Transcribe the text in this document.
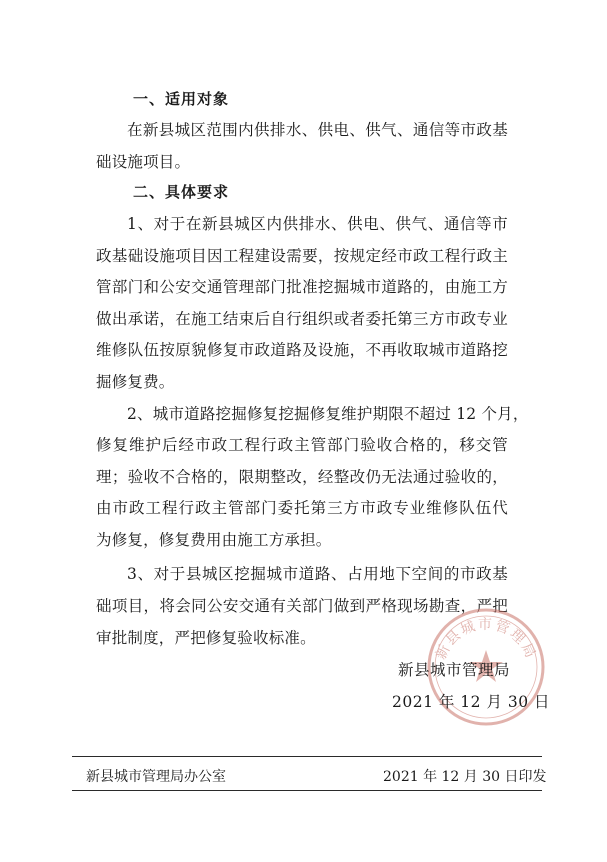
一、适用对象
在新县城区范围内供排水、供电、供气、通信等市政基
础设施项目。
二、具体要求
1、对于在新县城区内供排水、供电、供气、通信等市
政基础设施项目因工程建设需要，按规定经市政工程行政主
管部门和公安交通管理部门批准挖掘城市道路的，由施工方
做出承诺，在施工结束后自行组织或者委托第三方市政专业
维修队伍按原貌修复市政道路及设施，不再收取城市道路挖
掘修复费。
2、城市道路挖掘修复挖掘修复维护期限不超过 12 个月，
修复维护后经市政工程行政主管部门验收合格的，移交管
理；验收不合格的，限期整改，经整改仍无法通过验收的，
由市政工程行政主管部门委托第三方市政专业维修队伍代
为修复，修复费用由施工方承担。
3、对于县城区挖掘城市道路、占用地下空间的市政基
础项目，将会同公安交通有关部门做到严格现场勘查，严把
审批制度，严把修复验收标准。
新县城市管理局
新县城市管理局
2021 年 12 月 30 日
新县城市管理局办公室	2021 年 12 月 30 日印发
